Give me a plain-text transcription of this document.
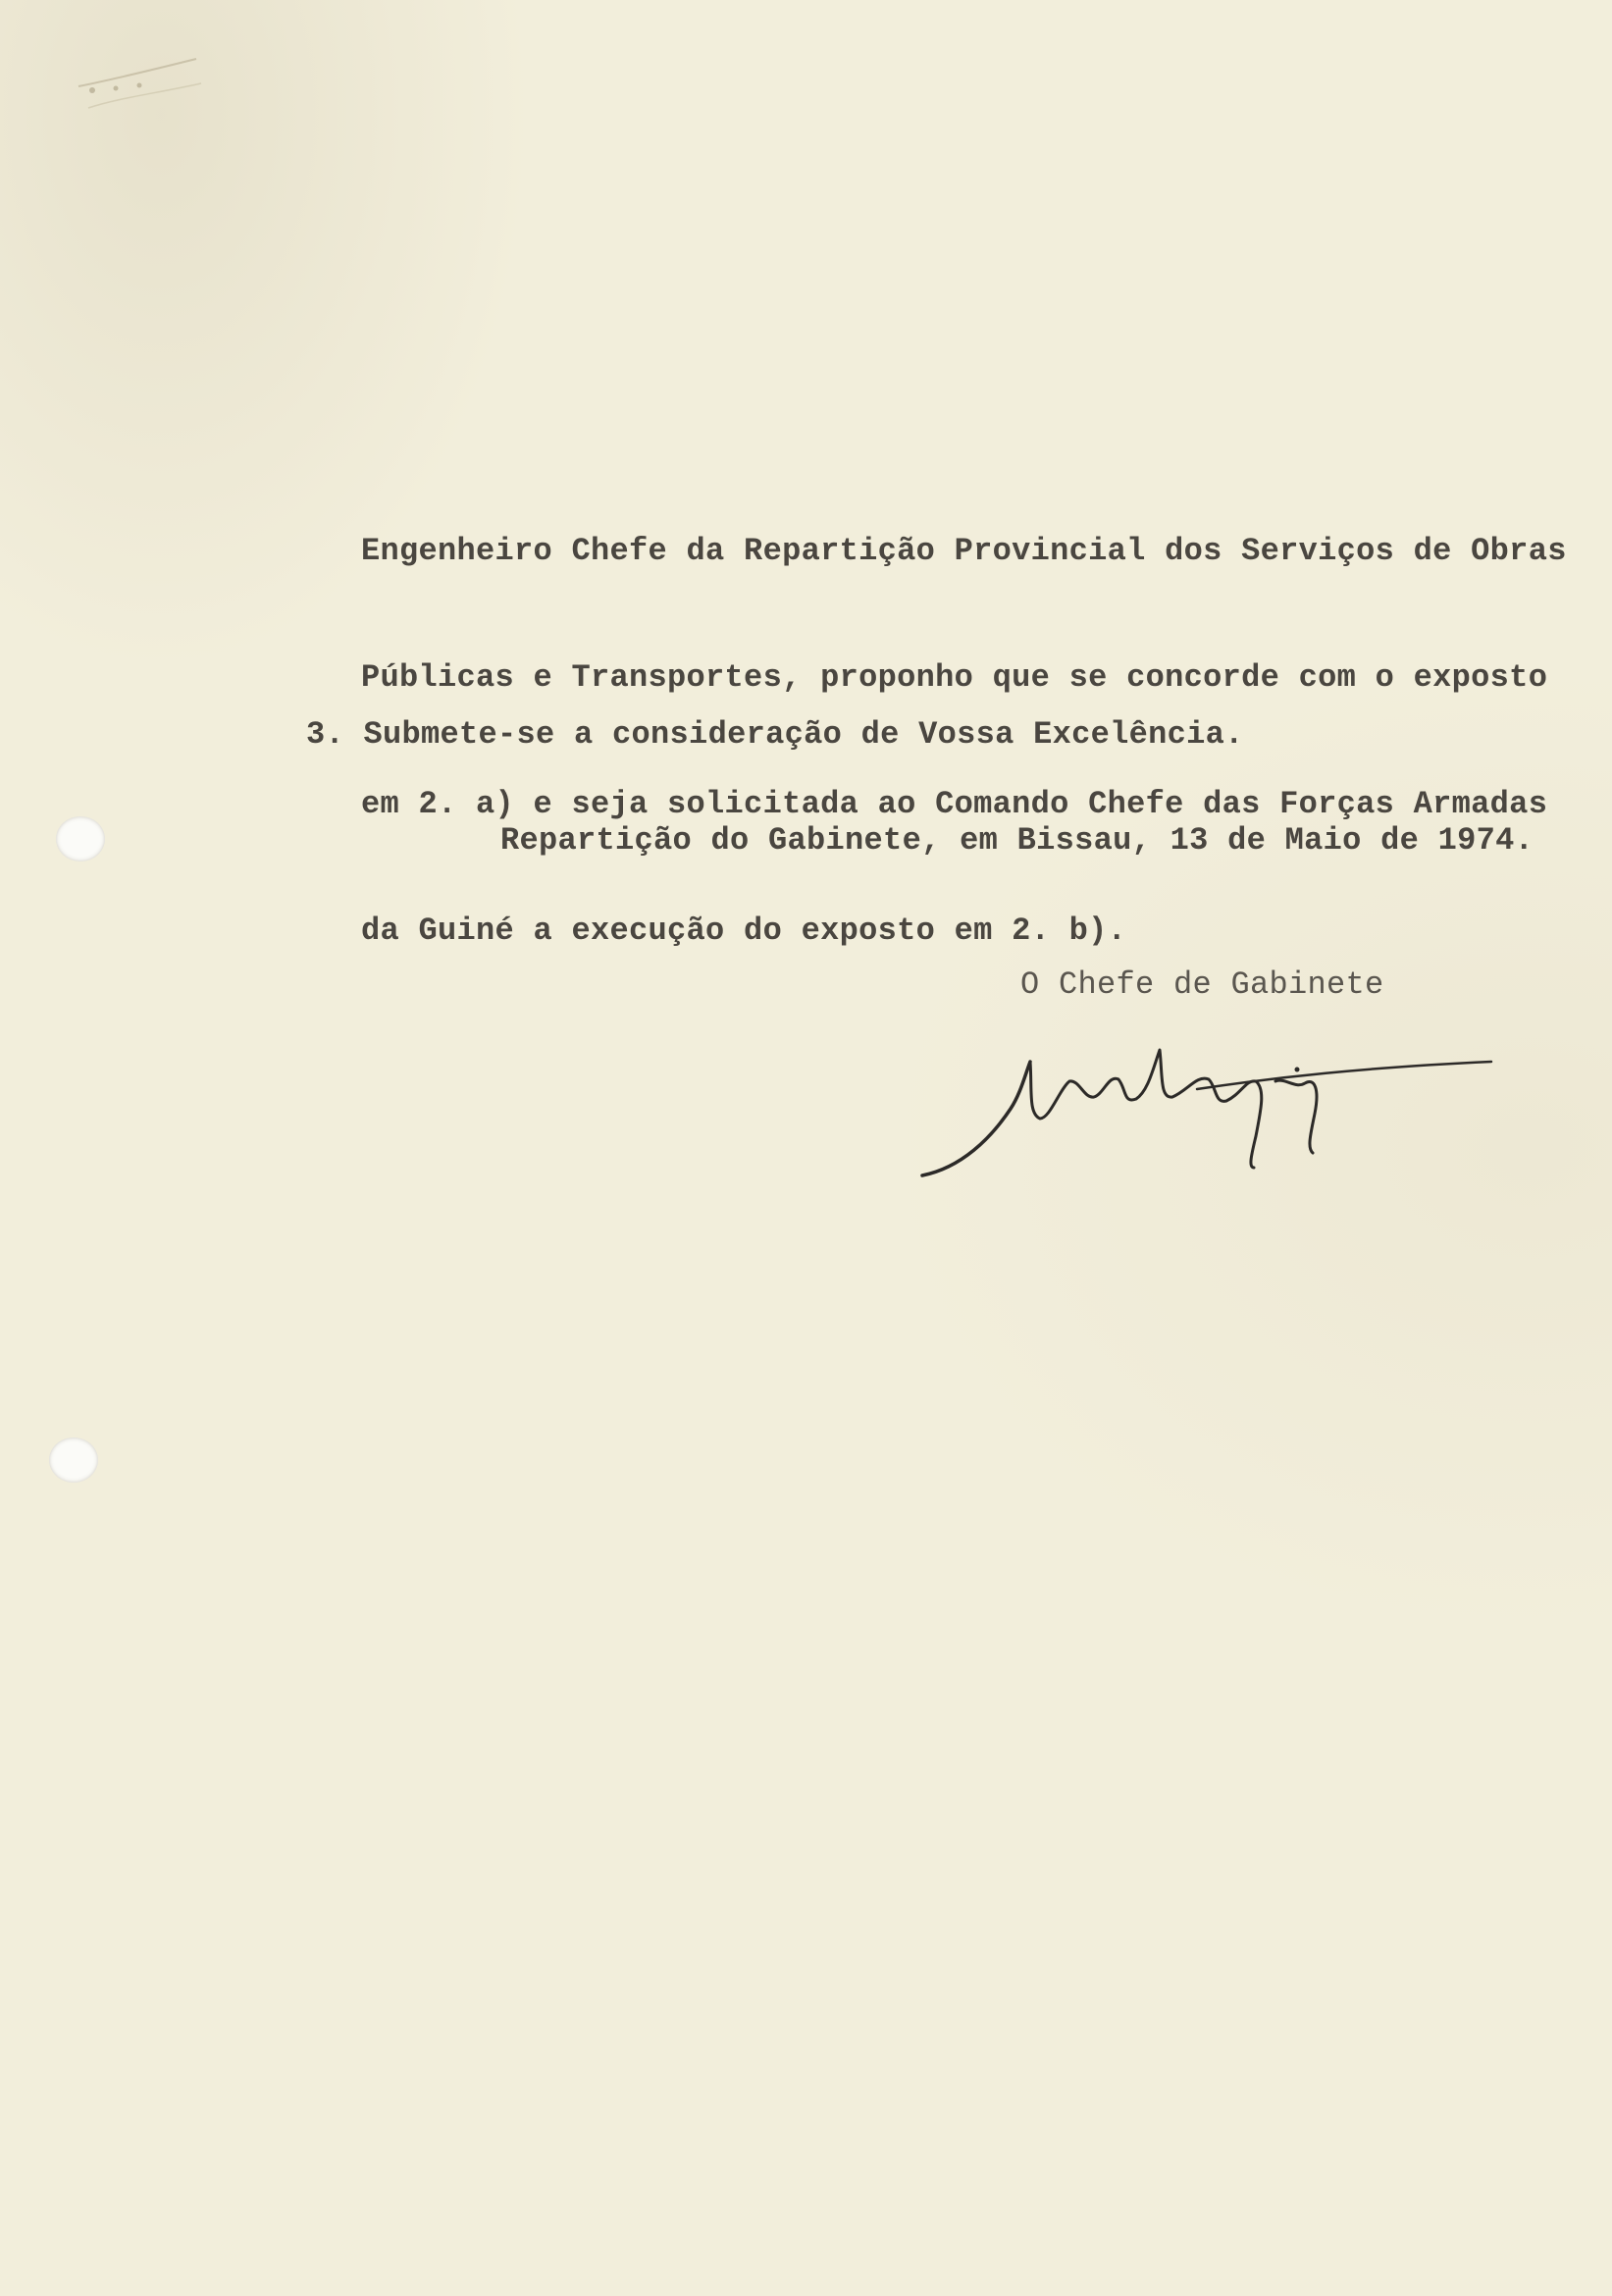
Engenheiro Chefe da Repartição Provincial dos Serviços de Obras

Públicas e Transportes, proponho que se concorde com o exposto

em 2. a) e seja solicitada ao Comando Chefe das Forças Armadas

da Guiné a execução do exposto em 2. b).

3. Submete-se a consideração de Vossa Excelência.
Repartição do Gabinete, em Bissau, 13 de Maio de 1974.
O Chefe de Gabinete
